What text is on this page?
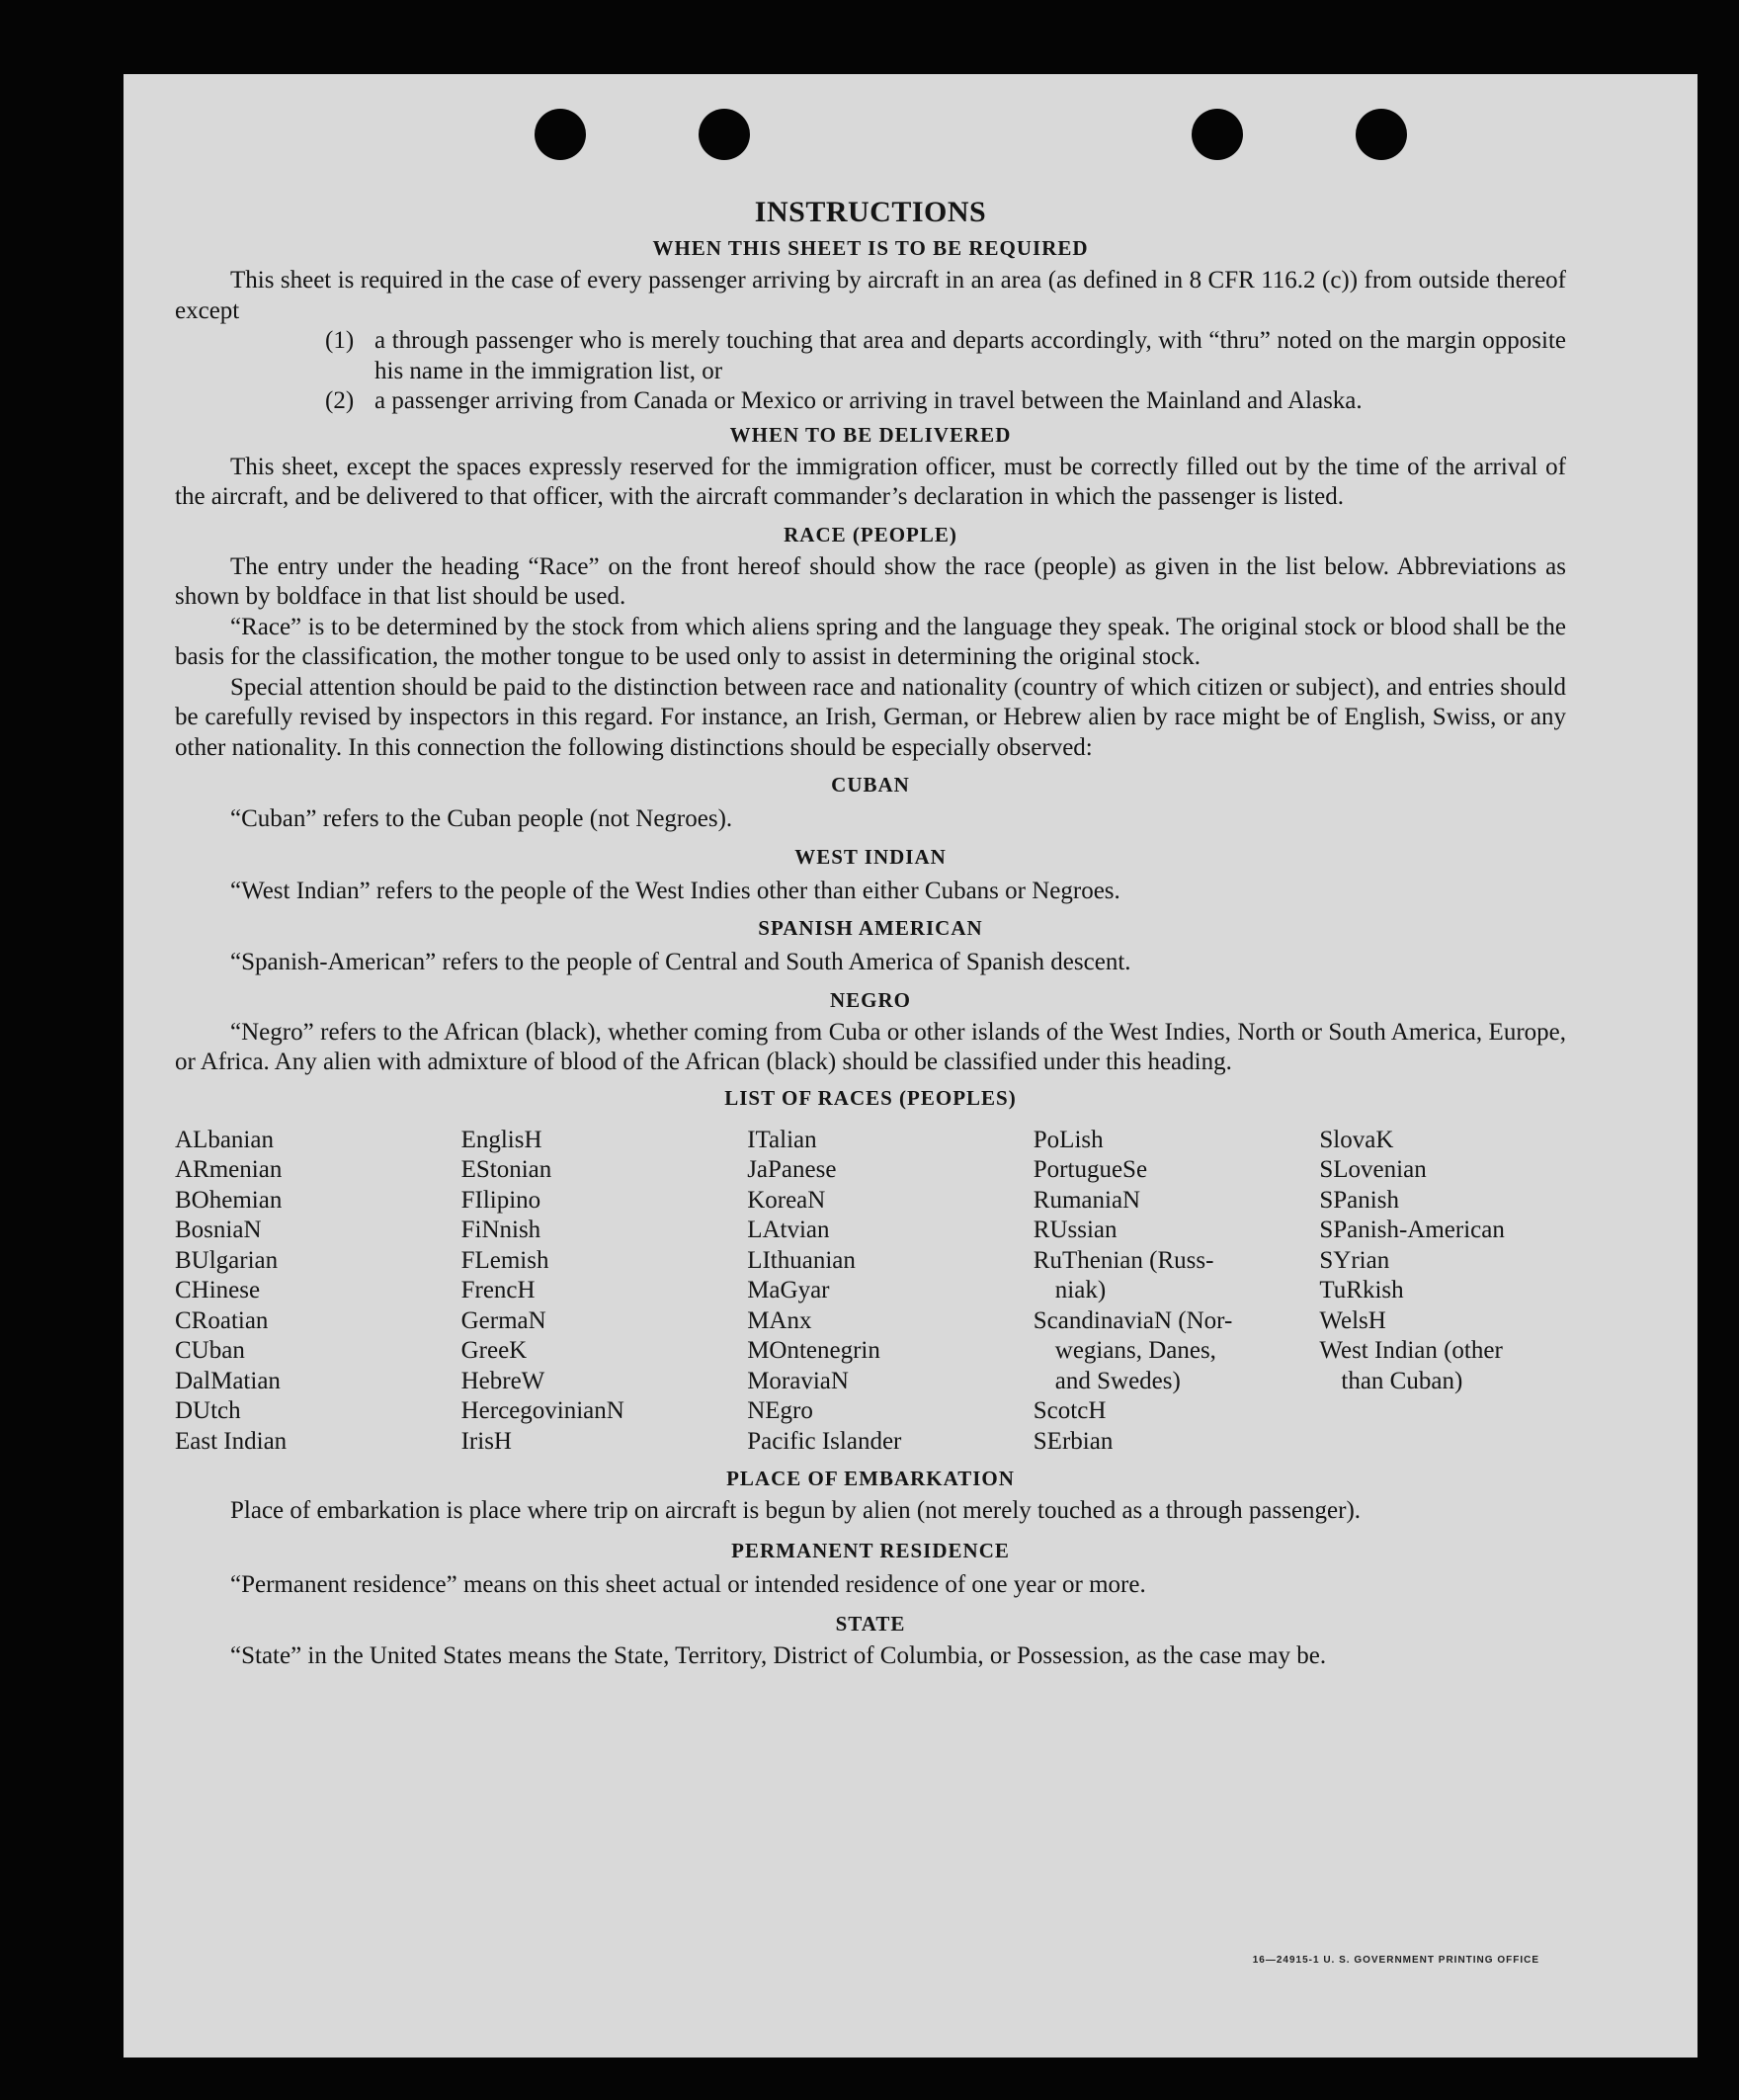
INSTRUCTIONS
WHEN THIS SHEET IS TO BE REQUIRED

This sheet is required in the case of every passenger arriving by aircraft in an area (as defined in 8 CFR 116.2 (c)) from outside thereof except

(1) a through passenger who is merely touching that area and departs accordingly, with “thru” noted on the margin opposite his name in the immigration list, or

(2) a passenger arriving from Canada or Mexico or arriving in travel between the Mainland and Alaska.

WHEN TO BE DELIVERED

This sheet, except the spaces expressly reserved for the immigration officer, must be correctly filled out by the time of the arrival of the aircraft, and be delivered to that officer, with the aircraft commander’s declaration in which the passenger is listed.

RACE (PEOPLE)

The entry under the heading “Race” on the front hereof should show the race (people) as given in the list below. Abbreviations as shown by boldface in that list should be used.

“Race” is to be determined by the stock from which aliens spring and the language they speak. The original stock or blood shall be the basis for the classification, the mother tongue to be used only to assist in determining the original stock.

Special attention should be paid to the distinction between race and nationality (country of which citizen or subject), and entries should be carefully revised by inspectors in this regard. For instance, an Irish, German, or Hebrew alien by race might be of English, Swiss, or any other nationality. In this connection the following distinctions should be especially observed:

CUBAN

“Cuban” refers to the Cuban people (not Negroes).

WEST INDIAN

“West Indian” refers to the people of the West Indies other than either Cubans or Negroes.

SPANISH AMERICAN

“Spanish-American” refers to the people of Central and South America of Spanish descent.

NEGRO

“Negro” refers to the African (black), whether coming from Cuba or other islands of the West Indies, North or South America, Europe, or Africa. Any alien with admixture of blood of the African (black) should be classified under this heading.

LIST OF RACES (PEOPLES)
ALbanian
ARmenian
BOhemian
BosniaN
BUlgarian
CHinese
CRoatian
CUban
DalMatian
DUtch
East Indian
EnglisH
EStonian
FIlipino
FiNnish
FLemish
FrencH
GermaN
GreeK
HebreW
HercegovinianN
IrisH
ITalian
JaPanese
KoreaN
LAtvian
LIthuanian
MaGyar
MAnx
MOntenegrin
MoraviaN
NEgro
Pacific Islander
PoLish
PortugueSe
RumaniaN
RUssian
RuThenian (Russ-
niak)
ScandinaviaN (Nor-
wegians, Danes,
and Swedes)
ScotcH
SErbian
SlovaK
SLovenian
SPanish
SPanish-American
SYrian
TuRkish
WelsH
West Indian (other
than Cuban)
PLACE OF EMBARKATION

Place of embarkation is place where trip on aircraft is begun by alien (not merely touched as a through passenger).

PERMANENT RESIDENCE

“Permanent residence” means on this sheet actual or intended residence of one year or more.

STATE

“State” in the United States means the State, Territory, District of Columbia, or Possession, as the case may be.

16—24915-1 U. S. GOVERNMENT PRINTING OFFICE
